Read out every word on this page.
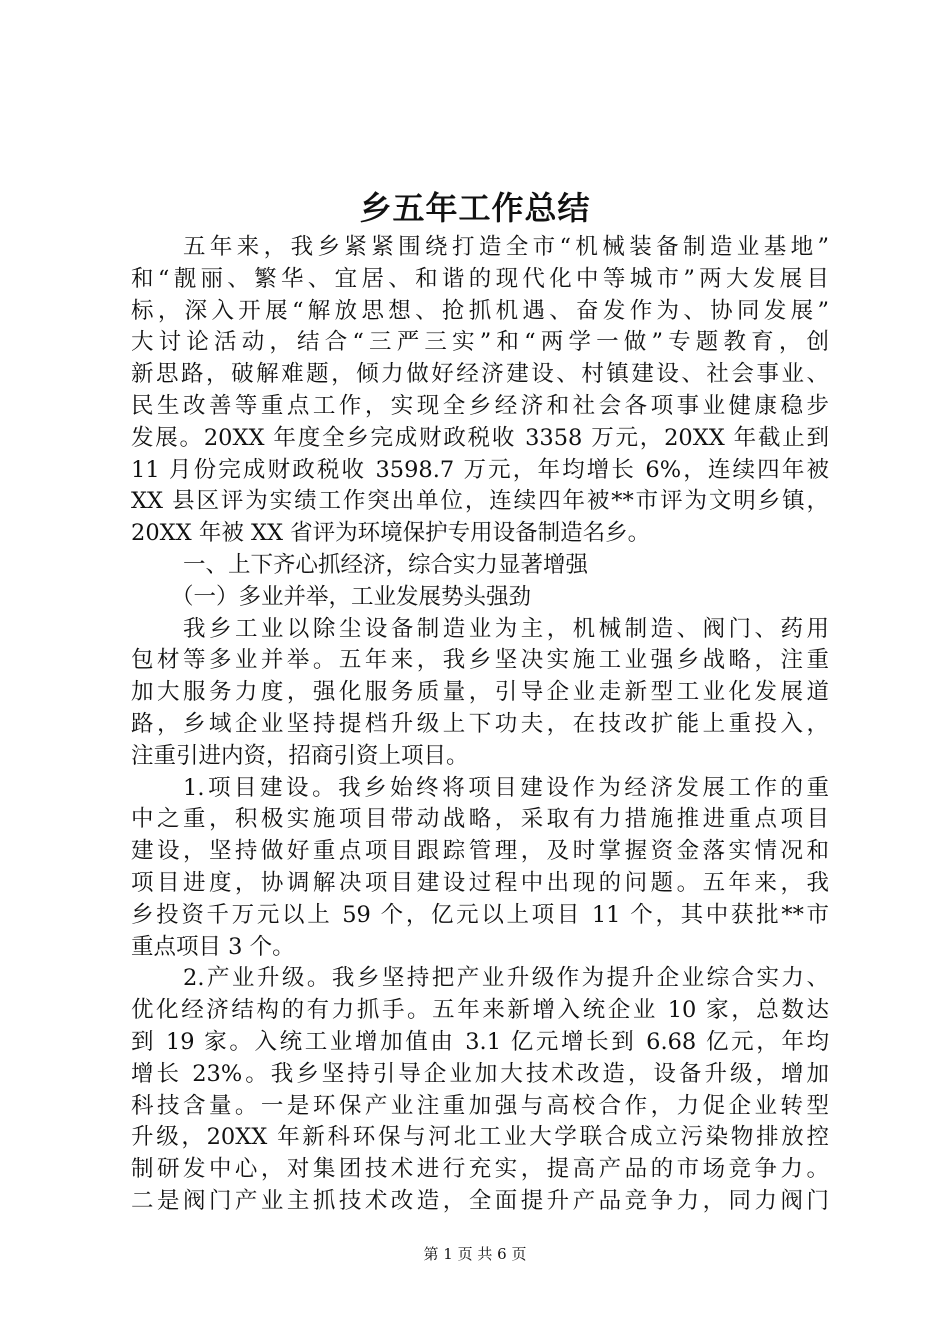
乡五年工作总结
五年来，我乡紧紧围绕打造全市“机械装备制造业基地”
和“靓丽、繁华、宜居、和谐的现代化中等城市”两大发展目
标，深入开展“解放思想、抢抓机遇、奋发作为、协同发展”
大讨论活动，结合“三严三实”和“两学一做”专题教育，创
新思路，破解难题，倾力做好经济建设、村镇建设、社会事业、
民生改善等重点工作，实现全乡经济和社会各项事业健康稳步
发展。20XX 年度全乡完成财政税收 3358 万元，20XX 年截止到
11 月份完成财政税收 3598.7 万元，年均增长 6%，连续四年被
XX 县区评为实绩工作突出单位，连续四年被**市评为文明乡镇，
20XX 年被 XX 省评为环境保护专用设备制造名乡。
一、上下齐心抓经济，综合实力显著增强
（一）多业并举，工业发展势头强劲
我乡工业以除尘设备制造业为主，机械制造、阀门、药用
包材等多业并举。五年来，我乡坚决实施工业强乡战略，注重
加大服务力度，强化服务质量，引导企业走新型工业化发展道
路，乡域企业坚持提档升级上下功夫，在技改扩能上重投入，
注重引进内资，招商引资上项目。
1.项目建设。我乡始终将项目建设作为经济发展工作的重
中之重，积极实施项目带动战略，采取有力措施推进重点项目
建设，坚持做好重点项目跟踪管理，及时掌握资金落实情况和
项目进度，协调解决项目建设过程中出现的问题。五年来，我
乡投资千万元以上 59 个，亿元以上项目 11 个，其中获批**市
重点项目 3 个。
2.产业升级。我乡坚持把产业升级作为提升企业综合实力、
优化经济结构的有力抓手。五年来新增入统企业 10 家，总数达
到 19 家。入统工业增加值由 3.1 亿元增长到 6.68 亿元，年均
增长 23%。我乡坚持引导企业加大技术改造，设备升级，增加
科技含量。一是环保产业注重加强与高校合作，力促企业转型
升级，20XX 年新科环保与河北工业大学联合成立污染物排放控
制研发中心，对集团技术进行充实，提高产品的市场竞争力。
二是阀门产业主抓技术改造，全面提升产品竞争力，同力阀门
第 1 页 共 6 页
